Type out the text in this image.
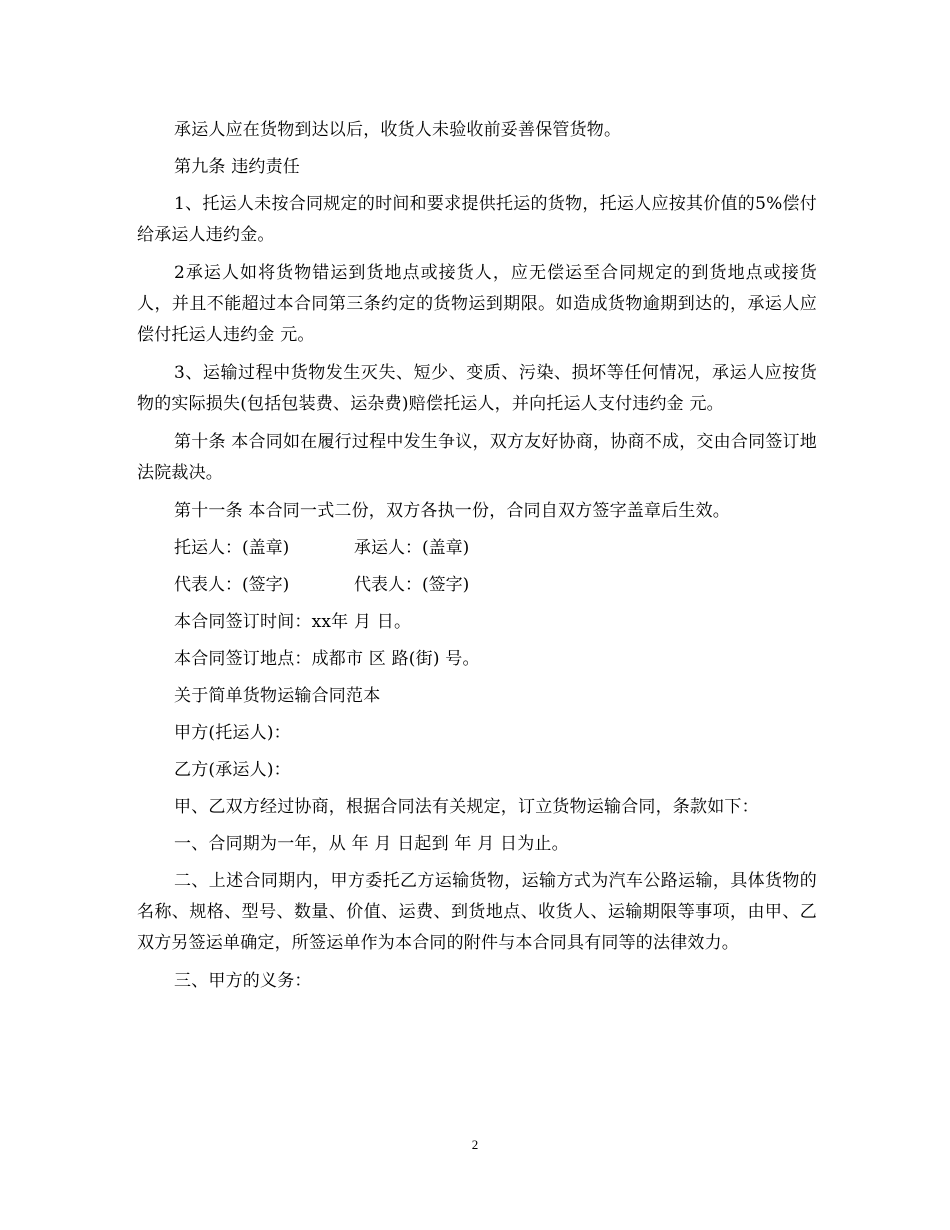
承运人应在货物到达以后，收货人未验收前妥善保管货物。

第九条 违约责任

1、托运人未按合同规定的时间和要求提供托运的货物，托运人应按其价值的5%偿付给承运人违约金。

2承运人如将货物错运到货地点或接货人，应无偿运至合同规定的到货地点或接货人，并且不能超过本合同第三条约定的货物运到期限。如造成货物逾期到达的，承运人应偿付托运人违约金 元。

3、运输过程中货物发生灭失、短少、变质、污染、损坏等任何情况，承运人应按货物的实际损失(包括包装费、运杂费)赔偿托运人，并向托运人支付违约金 元。

第十条 本合同如在履行过程中发生争议，双方友好协商，协商不成，交由合同签订地法院裁决。

第十一条 本合同一式二份，双方各执一份，合同自双方签字盖章后生效。

托运人：(盖章)	承运人：(盖章)
代表人：(签字)	代表人：(签字)

本合同签订时间：xx年 月 日。

本合同签订地点：成都市 区 路(街) 号。

关于简单货物运输合同范本

甲方(托运人)：

乙方(承运人)：

甲、乙双方经过协商，根据合同法有关规定，订立货物运输合同，条款如下：

一、合同期为一年，从 年 月 日起到 年 月 日为止。

二、上述合同期内，甲方委托乙方运输货物，运输方式为汽车公路运输，具体货物的名称、规格、型号、数量、价值、运费、到货地点、收货人、运输期限等事项，由甲、乙双方另签运单确定，所签运单作为本合同的附件与本合同具有同等的法律效力。

三、甲方的义务：

2
